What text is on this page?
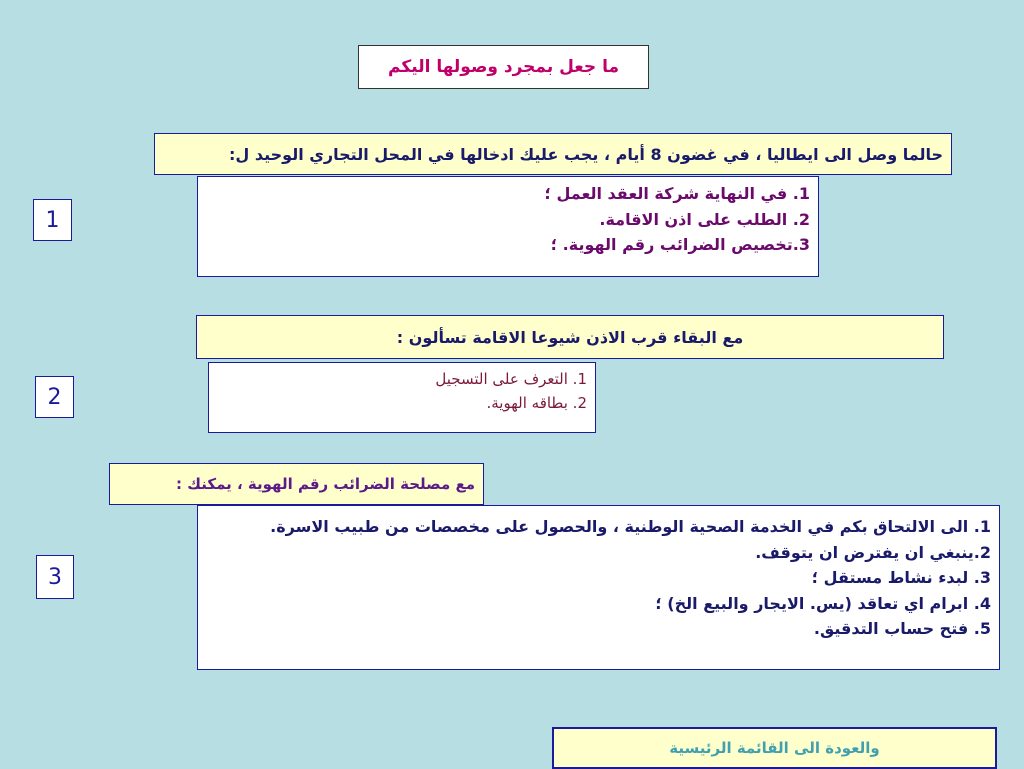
ما جعل بمجرد وصولها اليكم
حالما وصل الى ايطاليا ، في غضون 8 أيام ، يجب عليك ادخالها في المحل التجاري الوحيد ل:
1. في النهاية شركة العقد العمل ؛
2. الطلب على اذن الاقامة.
3.تخصيص الضرائب رقم الهوية. ؛
1
مع البقاء قرب الاذن شيوعا الاقامة تسألون :
1. التعرف على التسجيل
2. بطاقه الهوية.
2
مع مصلحة الضرائب رقم الهوية ، يمكنك :
1. الى الالتحاق بكم في الخدمة الصحية الوطنية ، والحصول على مخصصات من طبيب الاسرة.
2.ينبغي ان يفترض ان يتوقف.
3. لبدء نشاط مستقل ؛
4. ابرام اي تعاقد (يس. الايجار والبيع الخ) ؛
5. فتح حساب التدقيق.
3
والعودة الى القائمة الرئيسية
